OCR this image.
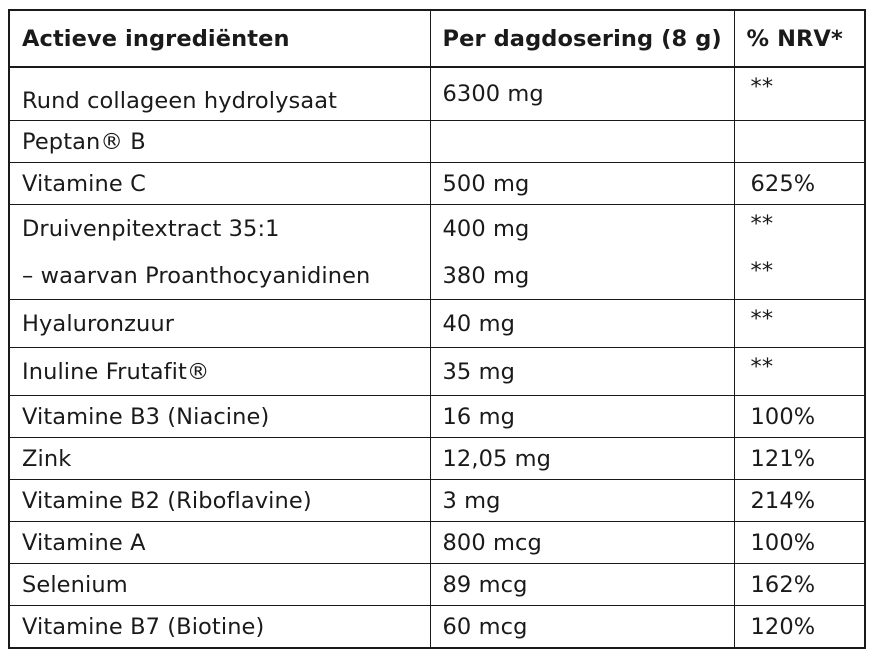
Actieve ingrediënten	Per dagdosering (8 g)	% NRV*
Rund collageen hydrolysaat	6300 mg	**
Peptan® B		
Vitamine C	500 mg	625%
Druivenpitextract 35:1	400 mg	**
– waarvan Proanthocyanidinen	380 mg	**
Hyaluronzuur	40 mg	**
Inuline Frutafit®	35 mg	**
Vitamine B3 (Niacine)	16 mg	100%
Zink	12,05 mg	121%
Vitamine B2 (Riboflavine)	3 mg	214%
Vitamine A	800 mcg	100%
Selenium	89 mcg	162%
Vitamine B7 (Biotine)	60 mcg	120%
